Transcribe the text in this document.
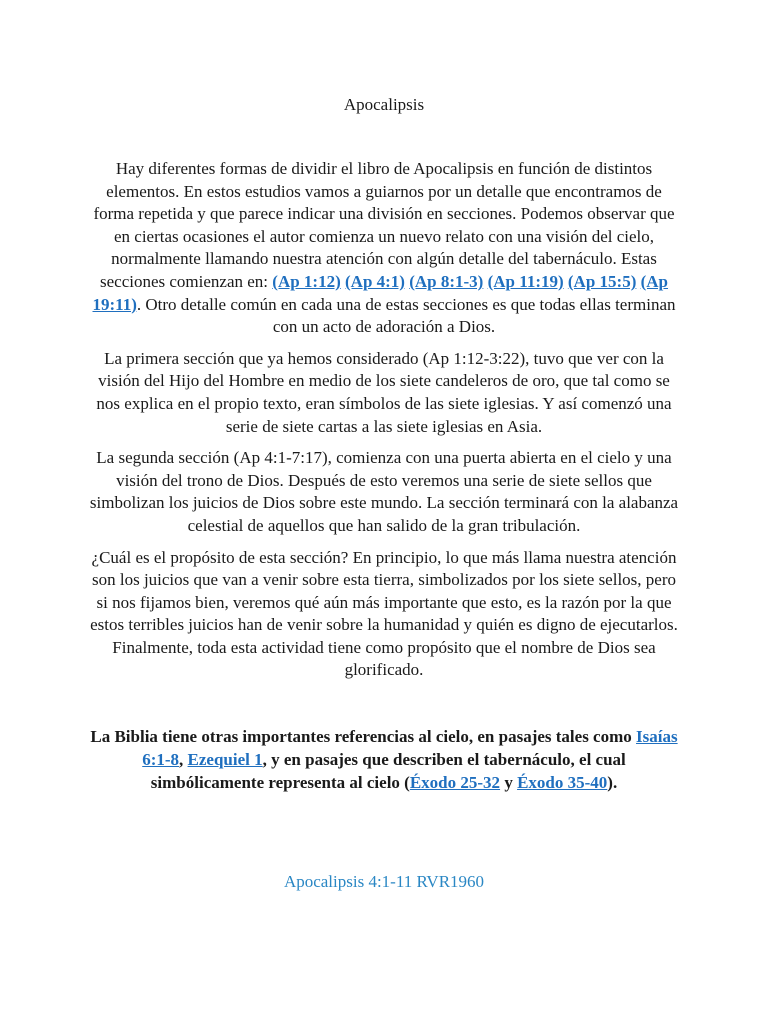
Apocalipsis

Hay diferentes formas de dividir el libro de Apocalipsis en función de distintos elementos. En estos estudios vamos a guiarnos por un detalle que encontramos de forma repetida y que parece indicar una división en secciones. Podemos observar que en ciertas ocasiones el autor comienza un nuevo relato con una visión del cielo, normalmente llamando nuestra atención con algún detalle del tabernáculo. Estas secciones comienzan en: (Ap 1:12) (Ap 4:1) (Ap 8:1-3) (Ap 11:19) (Ap 15:5) (Ap 19:11). Otro detalle común en cada una de estas secciones es que todas ellas terminan con un acto de adoración a Dios.

La primera sección que ya hemos considerado (Ap 1:12-3:22), tuvo que ver con la visión del Hijo del Hombre en medio de los siete candeleros de oro, que tal como se nos explica en el propio texto, eran símbolos de las siete iglesias. Y así comenzó una serie de siete cartas a las siete iglesias en Asia.

La segunda sección (Ap 4:1-7:17), comienza con una puerta abierta en el cielo y una visión del trono de Dios. Después de esto veremos una serie de siete sellos que simbolizan los juicios de Dios sobre este mundo. La sección terminará con la alabanza celestial de aquellos que han salido de la gran tribulación.

¿Cuál es el propósito de esta sección? En principio, lo que más llama nuestra atención son los juicios que van a venir sobre esta tierra, simbolizados por los siete sellos, pero si nos fijamos bien, veremos qué aún más importante que esto, es la razón por la que estos terribles juicios han de venir sobre la humanidad y quién es digno de ejecutarlos. Finalmente, toda esta actividad tiene como propósito que el nombre de Dios sea glorificado.

La Biblia tiene otras importantes referencias al cielo, en pasajes tales como Isaías 6:1-8, Ezequiel 1, y en pasajes que describen el tabernáculo, el cual simbólicamente representa al cielo (Éxodo 25-32 y Éxodo 35-40).

Apocalipsis 4:1-11 RVR1960
